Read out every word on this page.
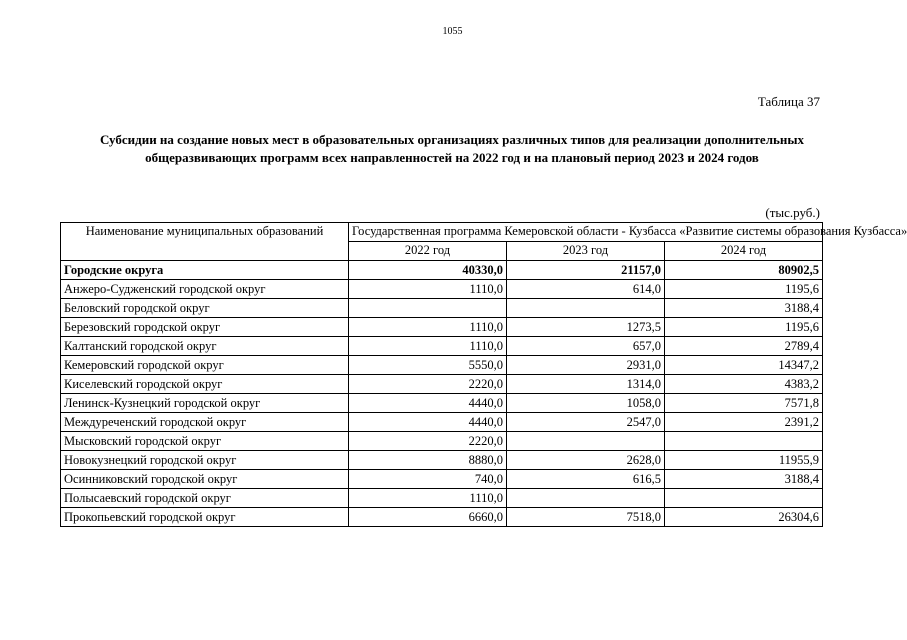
1055
Таблица 37
Субсидии на создание новых мест в образовательных организациях различных типов для реализации дополнительных общеразвивающих программ всех направленностей на 2022 год и на плановый период 2023 и 2024 годов
(тыс.руб.)
Наименование муниципальных образований	Государственная программа Кемеровской области - Кузбасса «Развитие системы образования Кузбасса»		
	2022 год	2023 год	2024 год
Городские округа	40330,0	21157,0	80902,5
Анжеро-Судженский городской округ	1110,0	614,0	1195,6
Беловский городской округ			3188,4
Березовский городской округ	1110,0	1273,5	1195,6
Калтанский городской округ	1110,0	657,0	2789,4
Кемеровский городской округ	5550,0	2931,0	14347,2
Киселевский городской округ	2220,0	1314,0	4383,2
Ленинск-Кузнецкий городской округ	4440,0	1058,0	7571,8
Междуреченский городской округ	4440,0	2547,0	2391,2
Мысковский городской округ	2220,0		
Новокузнецкий городской округ	8880,0	2628,0	11955,9
Осинниковский городской округ	740,0	616,5	3188,4
Полысаевский городской округ	1110,0		
Прокопьевский городской округ	6660,0	7518,0	26304,6
